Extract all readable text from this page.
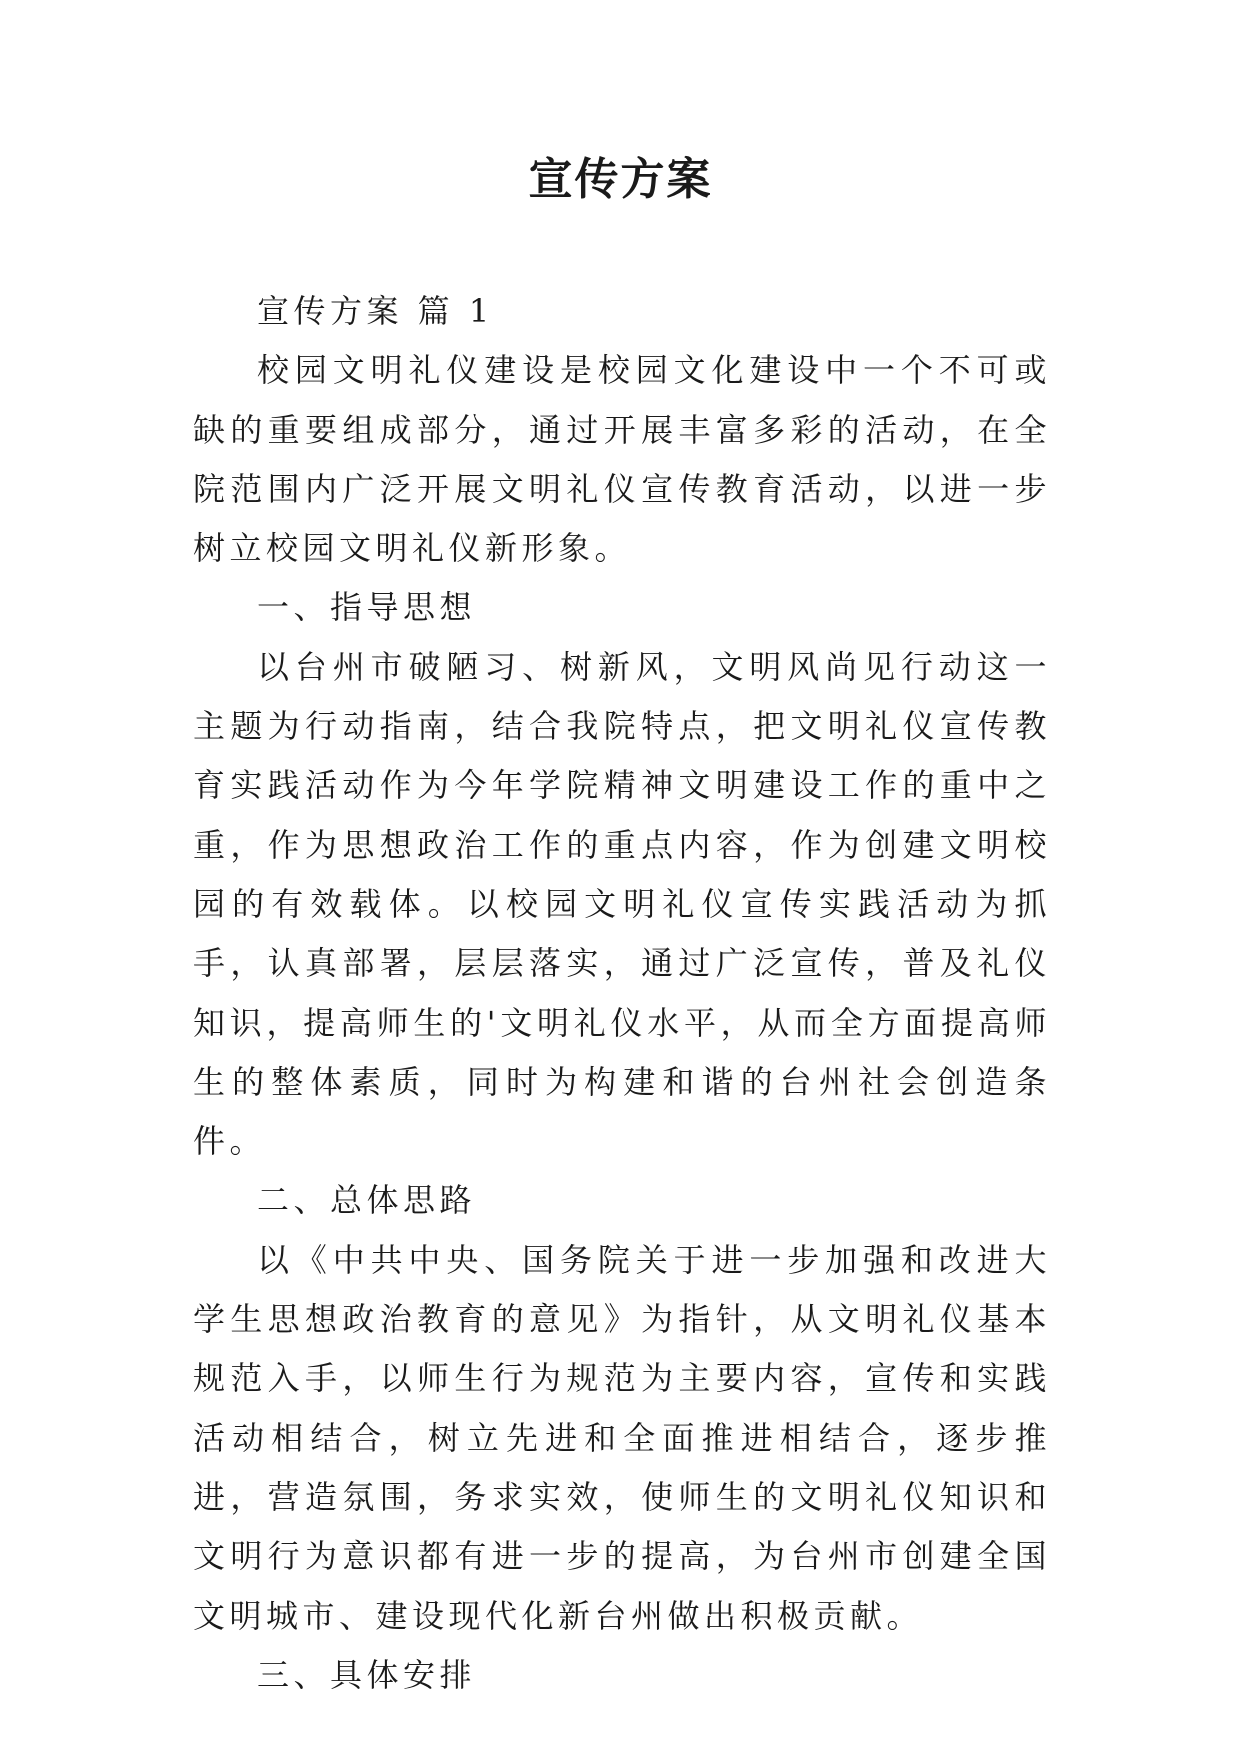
宣传方案

宣传方案 篇 1

校园文明礼仪建设是校园文化建设中一个不可或缺的重要组成部分，通过开展丰富多彩的活动，在全院范围内广泛开展文明礼仪宣传教育活动，以进一步树立校园文明礼仪新形象。

一、指导思想

以台州市破陋习、树新风，文明风尚见行动这一主题为行动指南，结合我院特点，把文明礼仪宣传教育实践活动作为今年学院精神文明建设工作的重中之重，作为思想政治工作的重点内容，作为创建文明校园的有效载体。以校园文明礼仪宣传实践活动为抓手，认真部署，层层落实，通过广泛宣传，普及礼仪知识，提高师生的'文明礼仪水平，从而全方面提高师生的整体素质，同时为构建和谐的台州社会创造条件。

二、总体思路

以《中共中央、国务院关于进一步加强和改进大学生思想政治教育的意见》为指针，从文明礼仪基本规范入手，以师生行为规范为主要内容，宣传和实践活动相结合，树立先进和全面推进相结合，逐步推进，营造氛围，务求实效，使师生的文明礼仪知识和文明行为意识都有进一步的提高，为台州市创建全国文明城市、建设现代化新台州做出积极贡献。

三、具体安排
